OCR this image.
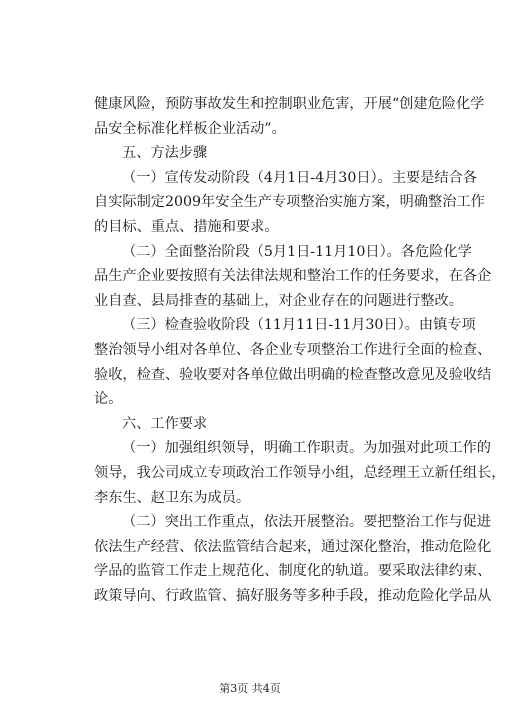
健康风险，预防事故发生和控制职业危害，开展“创建危险化学
品安全标准化样板企业活动”。
五、方法步骤
（一）宣传发动阶段（4月1日-4月30日）。主要是结合各
自实际制定2009年安全生产专项整治实施方案，明确整治工作
的目标、重点、措施和要求。
（二）全面整治阶段（5月1日-11月10日）。各危险化学
品生产企业要按照有关法律法规和整治工作的任务要求，在各企
业自查、县局排查的基础上，对企业存在的问题进行整改。
（三）检查验收阶段（11月11日-11月30日）。由镇专项
整治领导小组对各单位、各企业专项整治工作进行全面的检查、
验收，检查、验收要对各单位做出明确的检查整改意见及验收结
论。
六、工作要求
（一）加强组织领导，明确工作职责。为加强对此项工作的
领导，我公司成立专项政治工作领导小组，总经理王立新任组长，
李东生、赵卫东为成员。
（二）突出工作重点，依法开展整治。要把整治工作与促进
依法生产经营、依法监管结合起来，通过深化整治，推动危险化
学品的监管工作走上规范化、制度化的轨道。要采取法律约束、
政策导向、行政监管、搞好服务等多种手段，推动危险化学品从
第3页 共4页
